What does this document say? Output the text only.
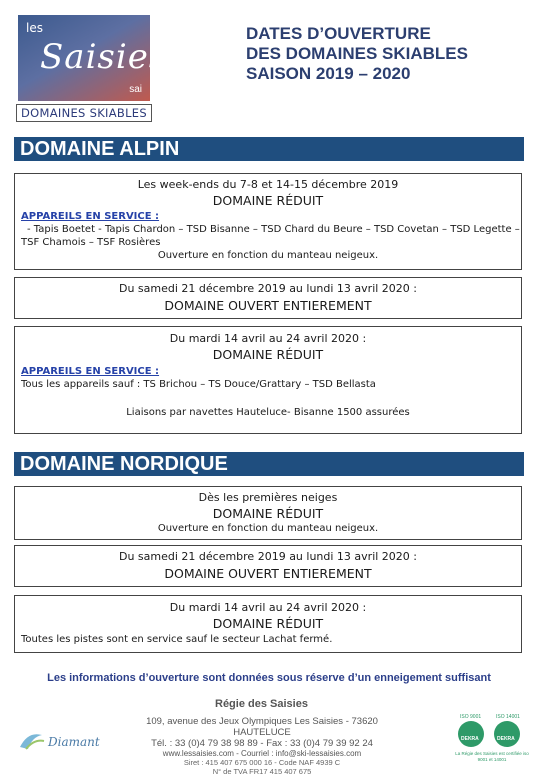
les
Saisies
sai
DOMAINES SKIABLES
DATES D’OUVERTURE
DES DOMAINES SKIABLES
SAISON 2019 – 2020
DOMAINE ALPIN
Les week-ends du 7-8 et 14-15 décembre 2019
DOMAINE RÉDUIT
APPAREILS EN SERVICE :
- Tapis Boetet - Tapis Chardon – TSD Bisanne – TSD Chard du Beure – TSD Covetan – TSD Legette –
TSF Chamois – TSF Rosières
Ouverture en fonction du manteau neigeux.
Du samedi 21 décembre 2019 au lundi 13 avril 2020 :
DOMAINE OUVERT ENTIEREMENT
Du mardi 14 avril au 24 avril 2020 :
DOMAINE RÉDUIT
APPAREILS EN SERVICE :
Tous les appareils sauf : TS Brichou – TS Douce/Grattary – TSD Bellasta
Liaisons par navettes Hauteluce- Bisanne 1500 assurées
DOMAINE NORDIQUE
Dès les premières neiges
DOMAINE RÉDUIT
Ouverture en fonction du manteau neigeux.
Du samedi 21 décembre 2019 au lundi 13 avril 2020 :
DOMAINE OUVERT ENTIEREMENT
Du mardi 14 avril au 24 avril 2020 :
DOMAINE RÉDUIT
Toutes les pistes sont en service sauf le secteur Lachat fermé.
Les informations d’ouverture sont données sous réserve d’un enneigement suffisant
Régie des Saisies
109, avenue des Jeux Olympiques Les Saisies - 73620 HAUTELUCE
Tél. : 33 (0)4 79 38 98 89 - Fax : 33 (0)4 79 39 92 24
www.lessaisies.com - Courriel : info@ski-lessaisies.com
Siret : 415 407 675 000 16 - Code NAF 4939 C
N° de TVA FR17 415 407 675
Diamant
ISO 9001	ISO 14001
DEKRA	DEKRA
La Régie des Saisies est certifiée iso 9001 et 14001
